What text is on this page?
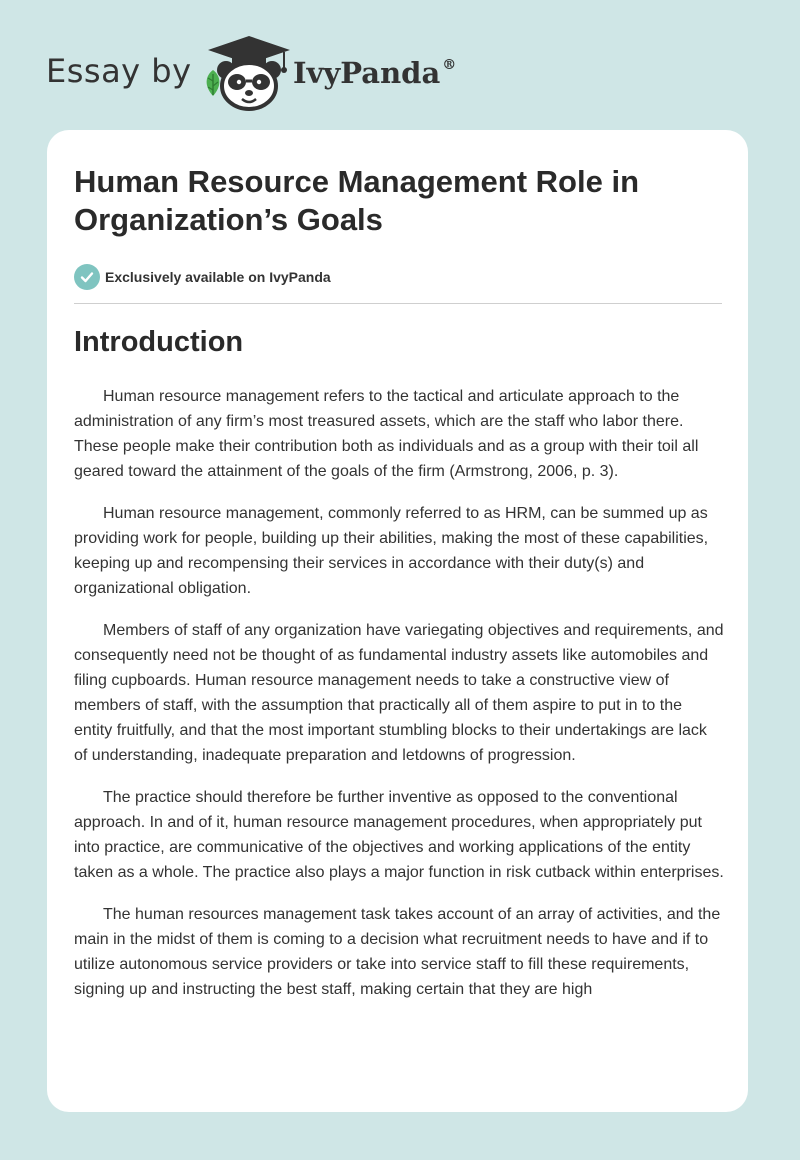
Essay by	IvyPanda ®
Human Resource Management Role in Organization’s Goals
Exclusively available on IvyPanda
Introduction

Human resource management refers to the tactical and articulate approach to the administration of any firm’s most treasured assets, which are the staff who labor there. These people make their contribution both as individuals and as a group with their toil all geared toward the attainment of the goals of the firm (Armstrong, 2006, p. 3).

Human resource management, commonly referred to as HRM, can be summed up as providing work for people, building up their abilities, making the most of these capabilities, keeping up and recompensing their services in accordance with their duty(s) and organizational obligation.

Members of staff of any organization have variegating objectives and requirements, and consequently need not be thought of as fundamental industry assets like automobiles and filing cupboards. Human resource management needs to take a constructive view of members of staff, with the assumption that practically all of them aspire to put in to the entity fruitfully, and that the most important stumbling blocks to their undertakings are lack of understanding, inadequate preparation and letdowns of progression.

The practice should therefore be further inventive as opposed to the conventional approach. In and of it, human resource management procedures, when appropriately put into practice, are communicative of the objectives and working applications of the entity taken as a whole. The practice also plays a major function in risk cutback within enterprises.

The human resources management task takes account of an array of activities, and the main in the midst of them is coming to a decision what recruitment needs to have and if to utilize autonomous service providers or take into service staff to fill these requirements, signing up and instructing the best staff, making certain that they are high
